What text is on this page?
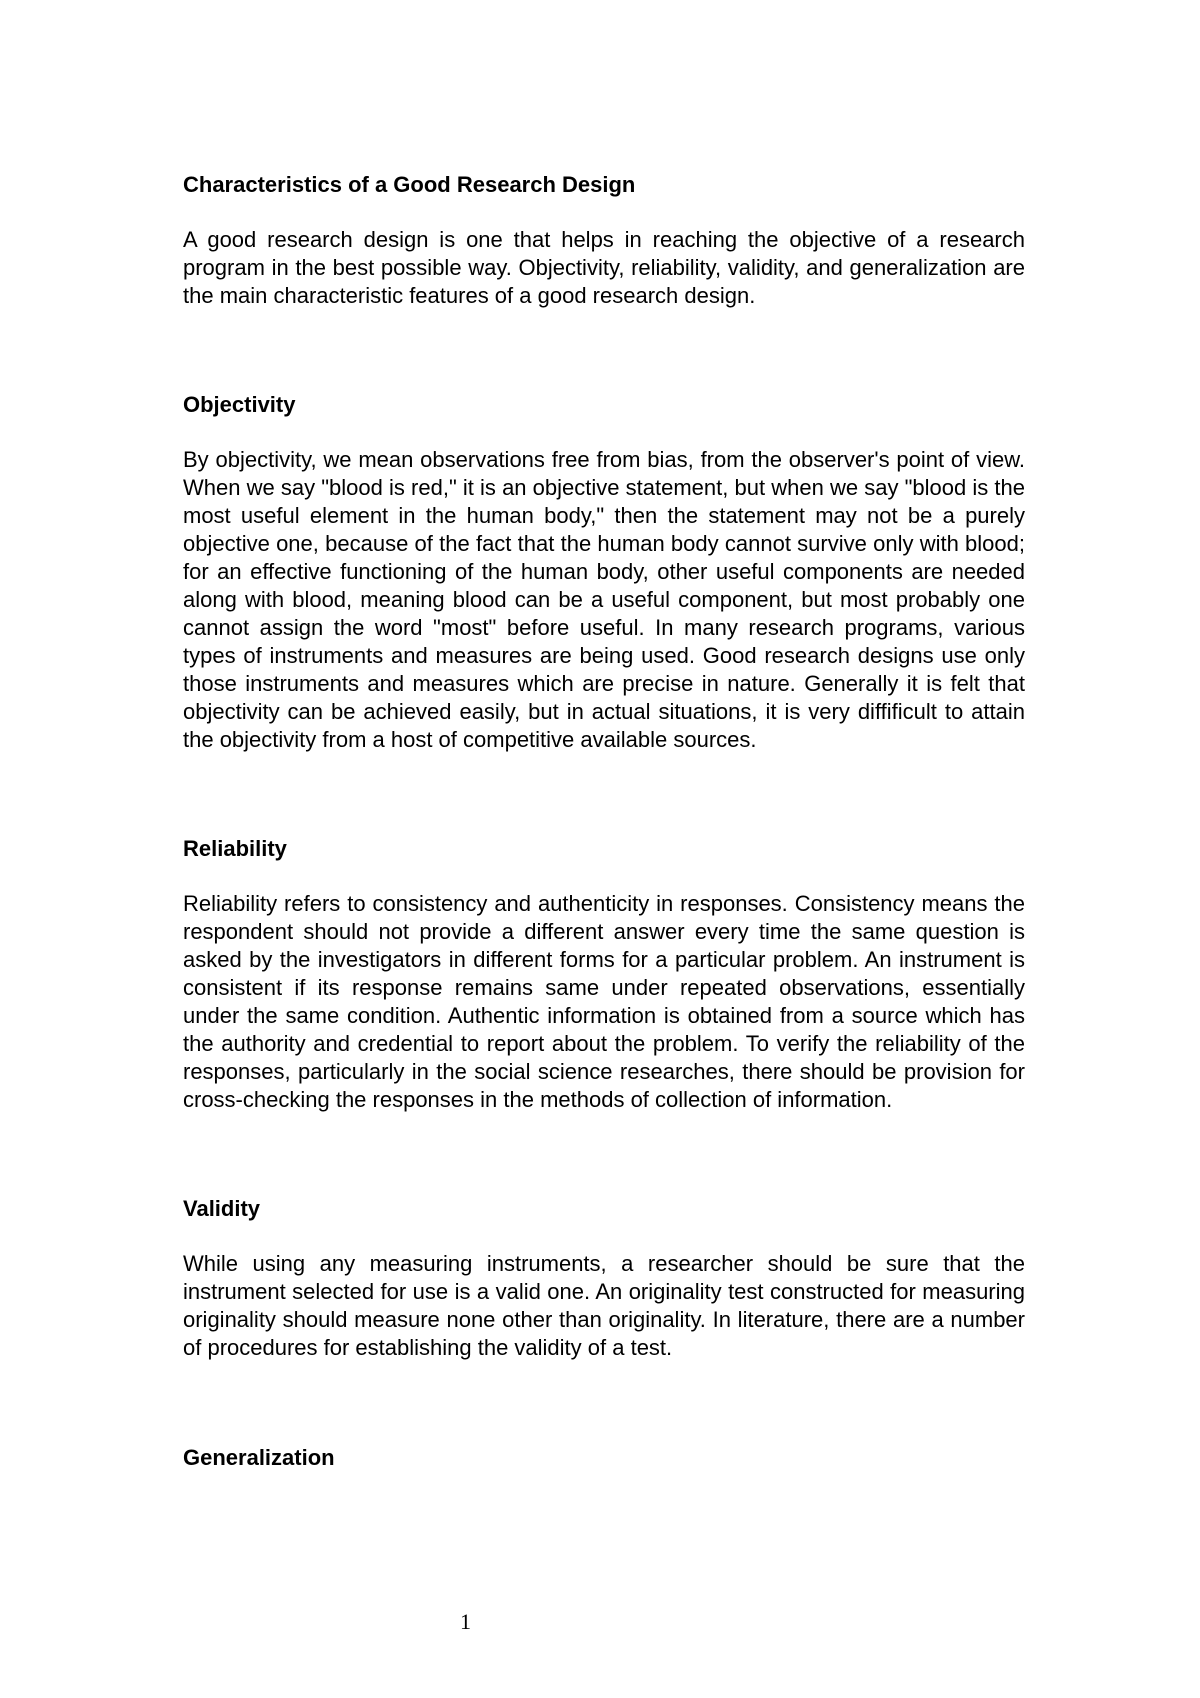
Characteristics of a Good Research Design

A good research design is one that helps in reaching the objective of a research program in the best possible way. Objectivity, reliability, validity, and generalization are the main characteristic features of a good research design.

Objectivity

By objectivity, we mean observations free from bias, from the observer's point of view. When we say "blood is red," it is an objective statement, but when we say "blood is the most useful element in the human body," then the statement may not be a purely objective one, because of the fact that the human body cannot survive only with blood; for an effective functioning of the human body, other useful components are needed along with blood, meaning blood can be a useful component, but most probably one cannot assign the word "most" before useful. In many research programs, various types of instruments and measures are being used. Good research designs use only those instruments and measures which are precise in nature. Generally it is felt that objectivity can be achieved easily, but in actual situations, it is very diffificult to attain the objectivity from a host of competitive available sources.

Reliability

Reliability refers to consistency and authenticity in responses. Consistency means the respondent should not provide a different answer every time the same question is asked by the investigators in different forms for a particular problem. An instrument is consistent if its response remains same under repeated observations, essentially under the same condition. Authentic information is obtained from a source which has the authority and credential to report about the problem. To verify the reliability of the responses, particularly in the social science researches, there should be provision for cross-checking the responses in the methods of collection of information.

Validity

While using any measuring instruments, a researcher should be sure that the instrument selected for use is a valid one. An originality test constructed for measuring originality should measure none other than originality. In literature, there are a number of procedures for establishing the validity of a test.

Generalization

1
